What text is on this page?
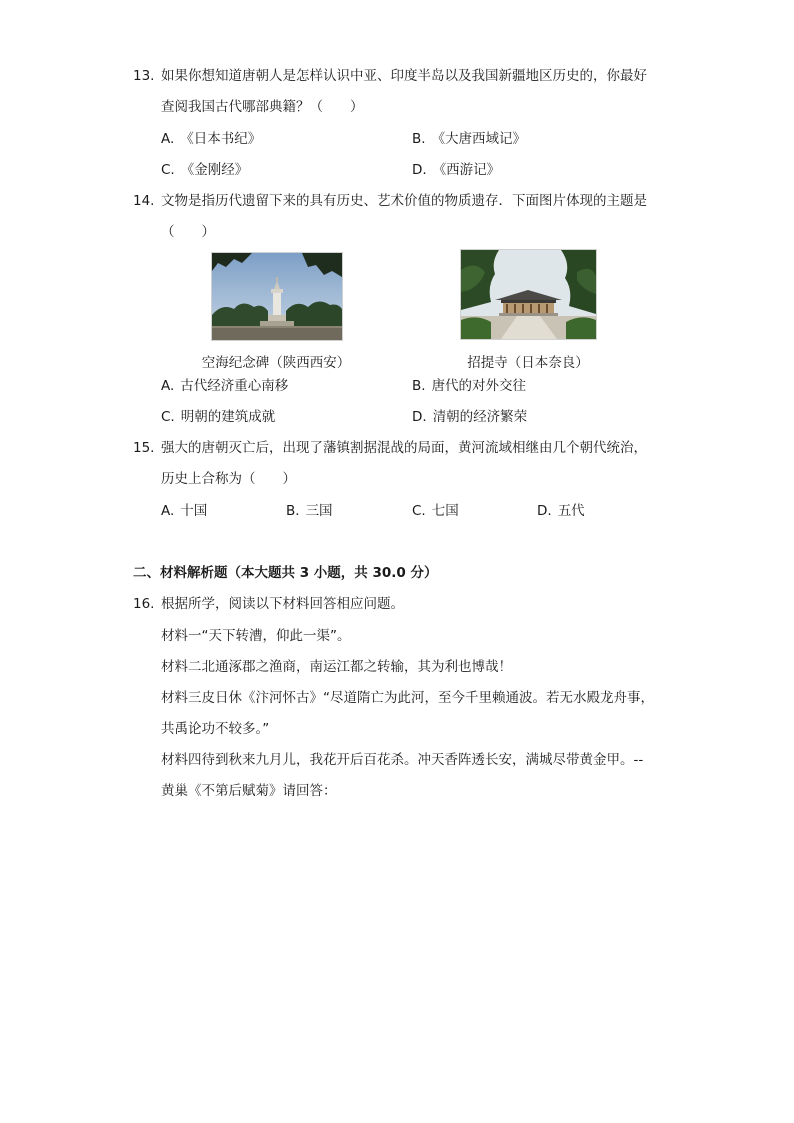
13. 如果你想知道唐朝人是怎样认识中亚、印度半岛以及我国新疆地区历史的，你最好
查阅我国古代哪部典籍？（　　）
A. 《日本书纪》	B. 《大唐西域记》
C. 《金刚经》	D. 《西游记》
14. 文物是指历代遗留下来的具有历史、艺术价值的物质遗存．下面图片体现的主题是
（　　）
空海纪念碑（陕西西安）	招提寺（日本奈良）
A. 古代经济重心南移	B. 唐代的对外交往
C. 明朝的建筑成就	D. 清朝的经济繁荣
15. 强大的唐朝灭亡后，出现了藩镇割据混战的局面，黄河流域相继由几个朝代统治，
历史上合称为（　　）
A. 十国	B. 三国	C. 七国	D. 五代
二、材料解析题（本大题共 3 小题，共 30.0 分）
16. 根据所学，阅读以下材料回答相应问题。
材料一“天下转漕，仰此一渠”。
材料二北通涿郡之渔商，南运江都之转输，其为利也博哉！
材料三皮日休《汴河怀古》“尽道隋亡为此河，至今千里赖通波。若无水殿龙舟事，
共禹论功不较多。”
材料四待到秋来九月儿，我花开后百花杀。冲天香阵透长安，满城尽带黄金甲。--
黄巢《不第后赋菊》请回答：
